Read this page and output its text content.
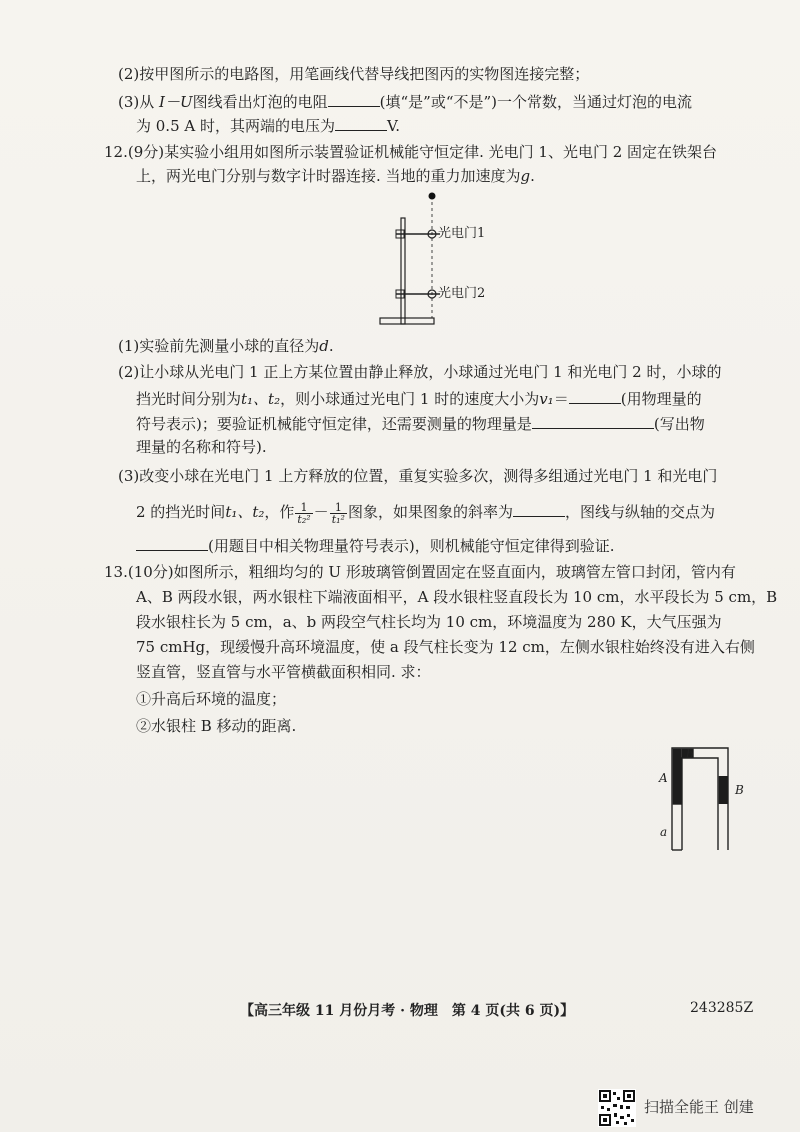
(2)按甲图所示的电路图，用笔画线代替导线把图丙的实物图连接完整；
(3)从 I－U图线看出灯泡的电阻	(填“是”或“不是”)一个常数，当通过灯泡的电流
为 0.5 A 时，其两端的电压为	V.
12.(9分)某实验小组用如图所示装置验证机械能守恒定律. 光电门 1、光电门 2 固定在铁架台
上，两光电门分别与数字计时器连接. 当地的重力加速度为g.
光电门1
光电门2
(1)实验前先测量小球的直径为d.
(2)让小球从光电门 1 正上方某位置由静止释放，小球通过光电门 1 和光电门 2 时，小球的
挡光时间分别为t₁、t₂，则小球通过光电门 1 时的速度大小为v₁＝	(用物理量的
符号表示)；要验证机械能守恒定律，还需要测量的物理量是	(写出物
理量的名称和符号).
(3)改变小球在光电门 1 上方释放的位置，重复实验多次，测得多组通过光电门 1 和光电门
2 的挡光时间t₁、t₂，作 $\frac{1}{\text{t₂²}} - \frac{1}{\text{t₁²}}$ 图象，如果图象的斜率为	，图线与纵轴的交点为
(用题目中相关物理量符号表示)，则机械能守恒定律得到验证.
13.(10分)如图所示，粗细均匀的 U 形玻璃管倒置固定在竖直面内，玻璃管左管口封闭，管内有
A、B 两段水银，两水银柱下端液面相平，A 段水银柱竖直段长为 10 cm，水平段长为 5 cm，B
段水银柱长为 5 cm，a、b 两段空气柱长均为 10 cm，环境温度为 280 K，大气压强为
75 cmHg，现缓慢升高环境温度，使 a 段气柱长变为 12 cm，左侧水银柱始终没有进入右侧
竖直管，竖直管与水平管横截面积相同. 求：
①升高后环境的温度；
②水银柱 B 移动的距离.
b
A
B
a
【高三年级 11 月份月考 · 物理　第 4 页(共 6 页)】	243285Z
扫描全能王 创建
